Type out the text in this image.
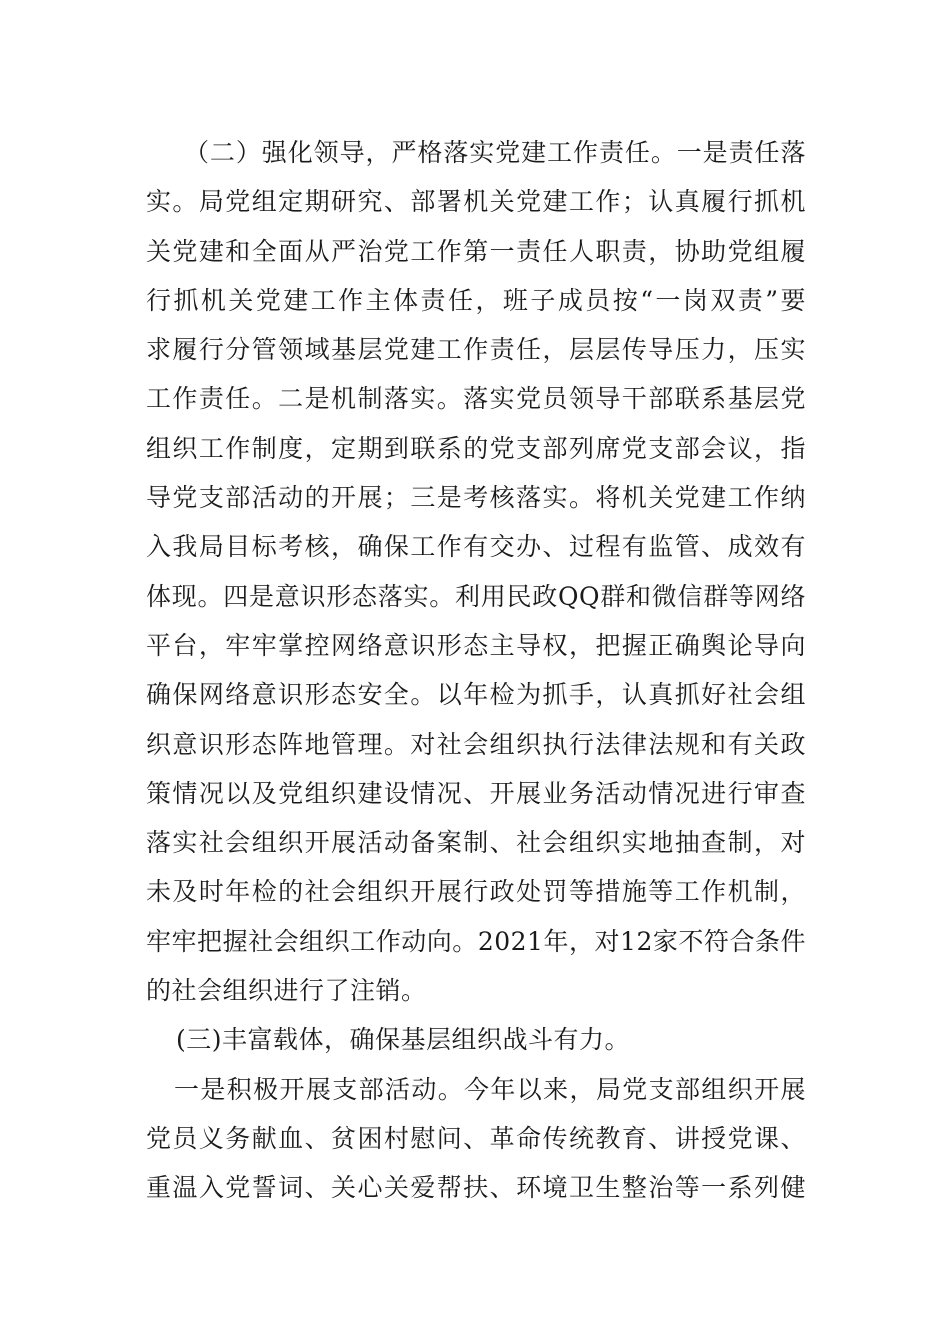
（二）强化领导，严格落实党建工作责任。一是责任落
实。局党组定期研究、部署机关党建工作；认真履行抓机
关党建和全面从严治党工作第一责任人职责，协助党组履
行抓机关党建工作主体责任，班子成员按“一岗双责”要
求履行分管领域基层党建工作责任，层层传导压力，压实
工作责任。二是机制落实。落实党员领导干部联系基层党
组织工作制度，定期到联系的党支部列席党支部会议，指
导党支部活动的开展；三是考核落实。将机关党建工作纳
入我局目标考核，确保工作有交办、过程有监管、成效有
体现。四是意识形态落实。利用民政QQ群和微信群等网络
平台，牢牢掌控网络意识形态主导权，把握正确舆论导向
确保网络意识形态安全。以年检为抓手，认真抓好社会组
织意识形态阵地管理。对社会组织执行法律法规和有关政
策情况以及党组织建设情况、开展业务活动情况进行审查
落实社会组织开展活动备案制、社会组织实地抽查制，对
未及时年检的社会组织开展行政处罚等措施等工作机制，
牢牢把握社会组织工作动向。2021年，对12家不符合条件
的社会组织进行了注销。
(三)丰富载体，确保基层组织战斗有力。
一是积极开展支部活动。今年以来，局党支部组织开展
党员义务献血、贫困村慰问、革命传统教育、讲授党课、
重温入党誓词、关心关爱帮扶、环境卫生整治等一系列健
